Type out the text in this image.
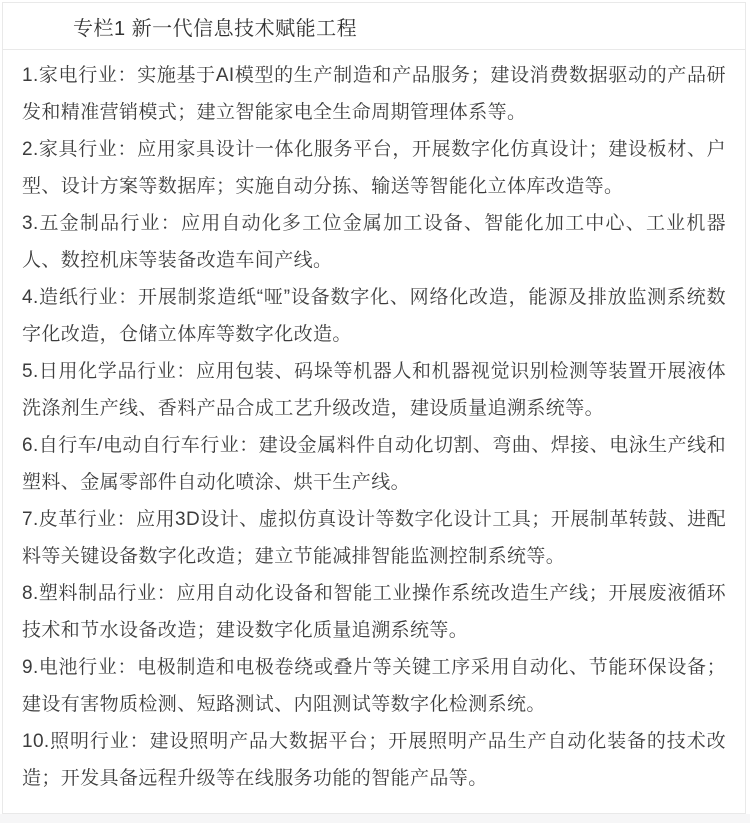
专栏1 新一代信息技术赋能工程

1.家电行业：实施基于AI模型的生产制造和产品服务；建设消费数据驱动的产品研发和精准营销模式；建立智能家电全生命周期管理体系等。

2.家具行业：应用家具设计一体化服务平台，开展数字化仿真设计；建设板材、户型、设计方案等数据库；实施自动分拣、输送等智能化立体库改造等。

3.五金制品行业：应用自动化多工位金属加工设备、智能化加工中心、工业机器人、数控机床等装备改造车间产线。

4.造纸行业：开展制浆造纸“哑”设备数字化、网络化改造，能源及排放监测系统数字化改造，仓储立体库等数字化改造。

5.日用化学品行业：应用包装、码垛等机器人和机器视觉识别检测等装置开展液体洗涤剂生产线、香料产品合成工艺升级改造，建设质量追溯系统等。

6.自行车/电动自行车行业：建设金属料件自动化切割、弯曲、焊接、电泳生产线和塑料、金属零部件自动化喷涂、烘干生产线。

7.皮革行业：应用3D设计、虚拟仿真设计等数字化设计工具；开展制革转鼓、进配料等关键设备数字化改造；建立节能减排智能监测控制系统等。

8.塑料制品行业：应用自动化设备和智能工业操作系统改造生产线；开展废液循环技术和节水设备改造；建设数字化质量追溯系统等。

9.电池行业：电极制造和电极卷绕或叠片等关键工序采用自动化、节能环保设备；建设有害物质检测、短路测试、内阻测试等数字化检测系统。

10.照明行业：建设照明产品大数据平台；开展照明产品生产自动化装备的技术改造；开发具备远程升级等在线服务功能的智能产品等。
